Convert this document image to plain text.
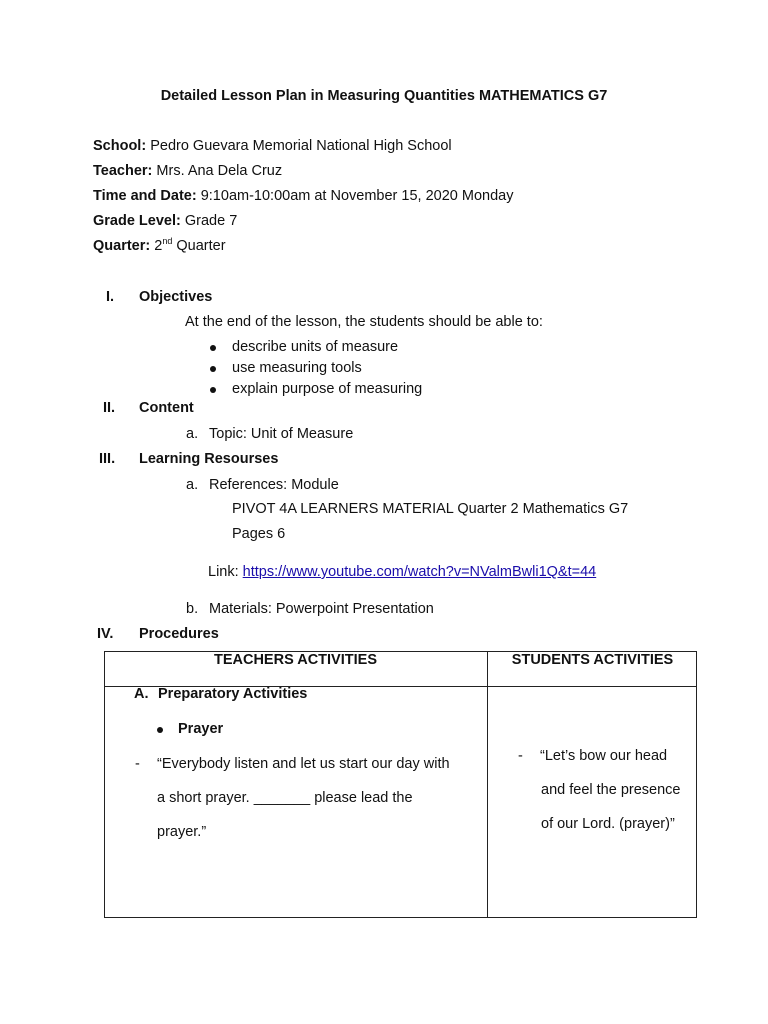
Detailed Lesson Plan in Measuring Quantities MATHEMATICS G7
School: Pedro Guevara Memorial National High School
Teacher: Mrs. Ana Dela Cruz
Time and Date: 9:10am-10:00am at November 15, 2020 Monday
Grade Level: Grade 7
Quarter: 2nd Quarter
I. Objectives
At the end of the lesson, the students should be able to:
describe units of measure
use measuring tools
explain purpose of measuring
II. Content
a. Topic: Unit of Measure
III. Learning Resourses
a. References: Module
PIVOT 4A LEARNERS MATERIAL Quarter 2 Mathematics G7
Pages 6
Link: https://www.youtube.com/watch?v=NValmBwli1Q&t=44
b. Materials: Powerpoint Presentation
IV. Procedures
TEACHERS ACTIVITIES	STUDENTS ACTIVITIES
A. Preparatory Activities
Prayer
- “Everybody listen and let us start our day with
a short prayer. _______ please lead the
prayer.”
- “Let’s bow our head
and feel the presence
of our Lord. (prayer)”
